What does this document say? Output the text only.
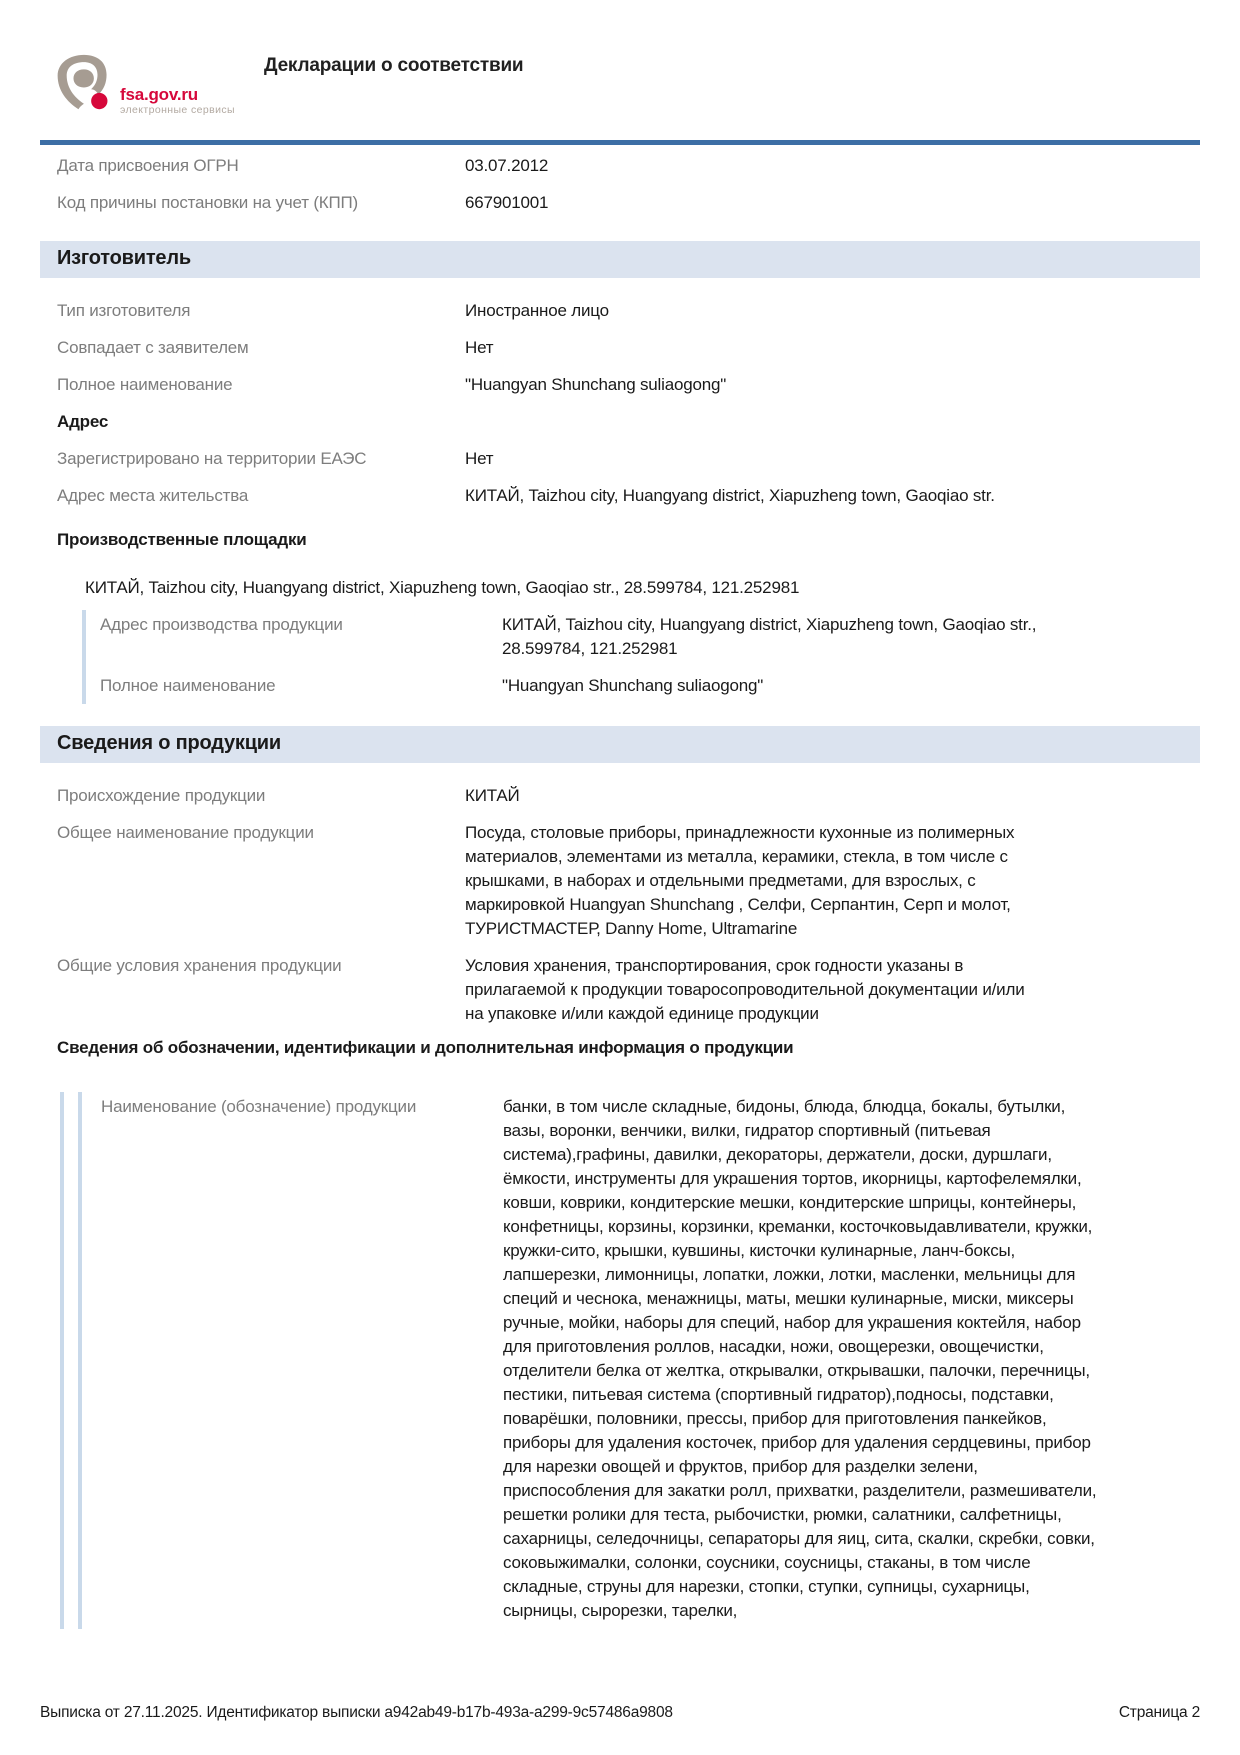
fsa.gov.ru
электронные сервисы
Декларации о соответствии
Дата присвоения ОГРН	03.07.2012
Код причины постановки на учет (КПП)	667901001
Изготовитель
Тип изготовителя	Иностранное лицо
Совпадает с заявителем	Нет
Полное наименование	"Huangyan Shunchang suliaogong"
Адрес
Зарегистрировано на территории ЕАЭС	Нет
Адрес места жительства	КИТАЙ, Taizhou city, Huangyang district, Xiapuzheng town, Gaoqiao str.
Производственные площадки
КИТАЙ, Taizhou city, Huangyang district, Xiapuzheng town, Gaoqiao str., 28.599784, 121.252981
Адрес производства продукции	КИТАЙ, Taizhou city, Huangyang district, Xiapuzheng town, Gaoqiao str., 28.599784, 121.252981
Полное наименование	"Huangyan Shunchang suliaogong"
Сведения о продукции
Происхождение продукции	КИТАЙ
Общее наименование продукции	Посуда, столовые приборы, принадлежности кухонные из полимерных материалов, элементами из металла, керамики, стекла, в том числе с крышками, в наборах и отдельными предметами, для взрослых, с маркировкой Huangyan Shunchang , Селфи, Серпантин, Серп и молот, ТУРИСТМАСТЕР, Danny Home, Ultramarine
Общие условия хранения продукции	Условия хранения, транспортирования, срок годности указаны в прилагаемой к продукции товаросопроводительной документации и/или на упаковке и/или каждой единице продукции
Сведения об обозначении, идентификации и дополнительная информация о продукции
Наименование (обозначение) продукции	банки, в том числе складные, бидоны, блюда, блюдца, бокалы, бутылки, вазы, воронки, венчики, вилки, гидратор спортивный (питьевая система),графины, давилки, декораторы, держатели, доски, дуршлаги, ёмкости, инструменты для украшения тортов, икорницы, картофелемялки, ковши, коврики, кондитерские мешки, кондитерские шприцы, контейнеры, конфетницы, корзины, корзинки, креманки, косточковыдавливатели, кружки, кружки-сито, крышки, кувшины, кисточки кулинарные, ланч-боксы, лапшерезки, лимонницы, лопатки, ложки, лотки, масленки, мельницы для специй и чеснока, менажницы, маты, мешки кулинарные, миски, миксеры ручные, мойки, наборы для специй, набор для украшения коктейля, набор для приготовления роллов, насадки, ножи, овощерезки, овощечистки, отделители белка от желтка, открывалки, открывашки, палочки, перечницы, пестики, питьевая система (спортивный гидратор),подносы, подставки, поварёшки, половники, прессы, прибор для приготовления панкейков, приборы для удаления косточек, прибор для удаления сердцевины, прибор для нарезки овощей и фруктов, прибор для разделки зелени, приспособления для закатки ролл, прихватки, разделители, размешиватели, решетки ролики для теста, рыбочистки, рюмки, салатники, салфетницы, сахарницы, селедочницы, сепараторы для яиц, сита, скалки, скребки, совки, соковыжималки, солонки, соусники, соусницы, стаканы, в том числе складные, струны для нарезки, стопки, ступки, супницы, сухарницы, сырницы, сырорезки, тарелки,
Выписка от 27.11.2025. Идентификатор выписки a942ab49-b17b-493a-a299-9c57486a9808	Страница 2
